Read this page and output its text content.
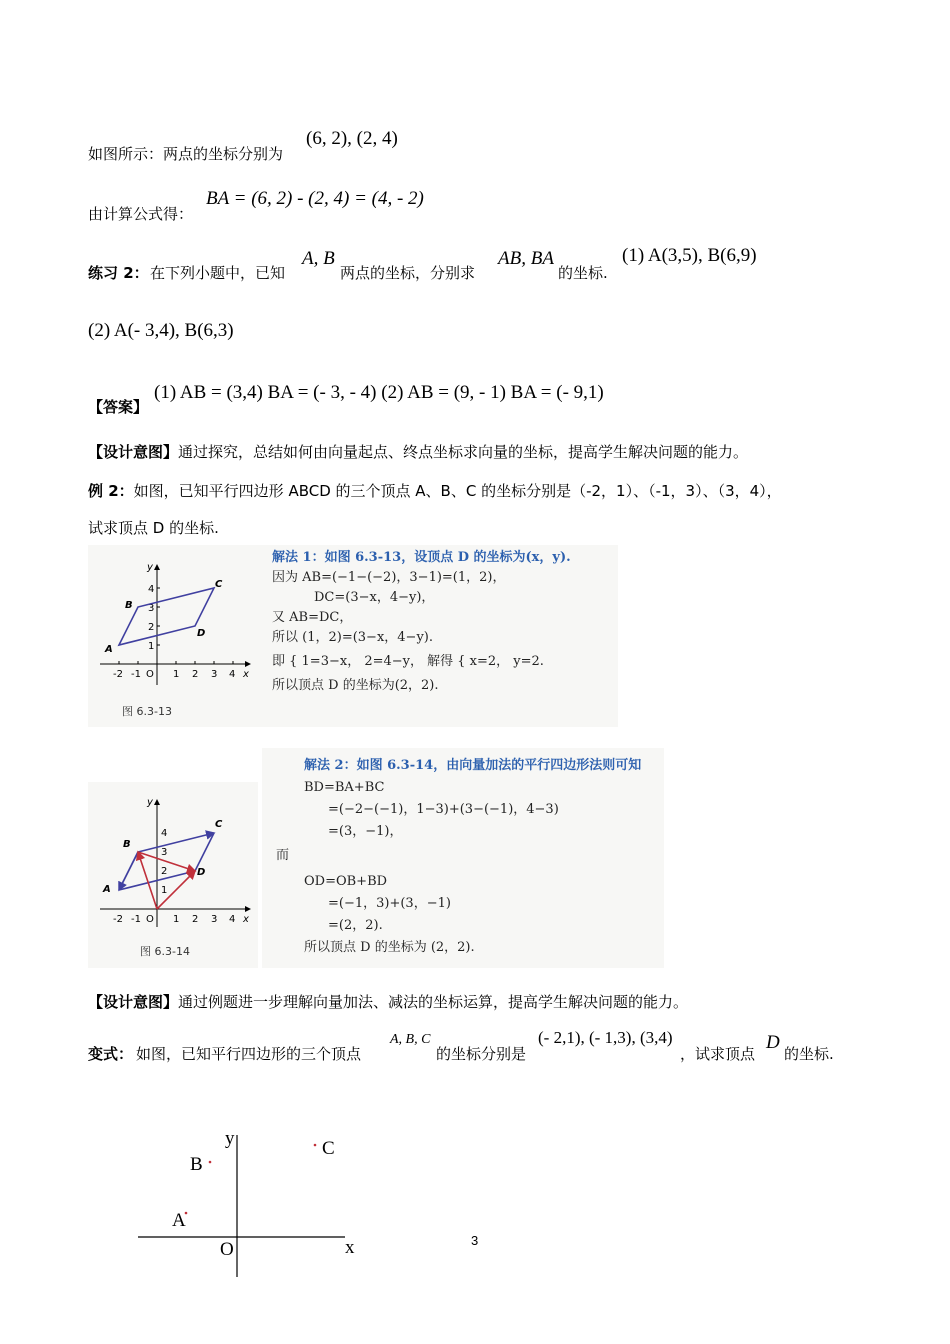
如图所示：两点的坐标分别为
(6, 2), (2, 4)
由计算公式得：
BA = (6, 2) - (2, 4) = (4, - 2)
练习 2： 在下列小题中，已知
A, B
两点的坐标，分别求
AB, BA
的坐标.
(1) A(3,5), B(6,9)
(2) A(- 3,4), B(6,3)
【答案】
(1) AB = (3,4) BA = (- 3, - 4) (2) AB = (9, - 1) BA = (- 9,1)
【设计意图】通过探究，总结如何由向量起点、终点坐标求向量的坐标，提高学生解决问题的能力。
例 2：如图，已知平行四边形 ABCD 的三个顶点 A、B、C 的坐标分别是（-2，1）、（-1，3）、（3，4），
试求顶点 D 的坐标.
-2 -1 O 1 2 3 4 x
1
2
3
4
y
A
B
C
D
图 6.3-13
解法 1：如图 6.3-13，设顶点 D 的坐标为(x，y).
因为 AB=(−1−(−2)，3−1)=(1，2)，
DC=(3−x，4−y)，
又 AB=DC，
所以 (1，2)=(3−x，4−y).
即 { 1=3−x， 2=4−y， 解得 { x=2， y=2.
所以顶点 D 的坐标为(2，2).
-2 -1 O 1 2 3 4 x
1
2
3
4
y
A
B
C
D
图 6.3-14
解法 2：如图 6.3-14，由向量加法的平行四边形法则可知
BD=BA+BC
=(−2−(−1)，1−3)+(3−(−1)，4−3)
=(3，−1)，
而
OD=OB+BD
=(−1，3)+(3，−1)
=(2，2).
所以顶点 D 的坐标为 (2，2).
【设计意图】通过例题进一步理解向量加法、减法的坐标运算，提高学生解决问题的能力。
变式： 如图，已知平行四边形的三个顶点
A, B, C
的坐标分别是
(- 2,1), (- 1,3), (3,4)
，试求顶点
D
的坐标.
y
B
C
A
O	x	3
